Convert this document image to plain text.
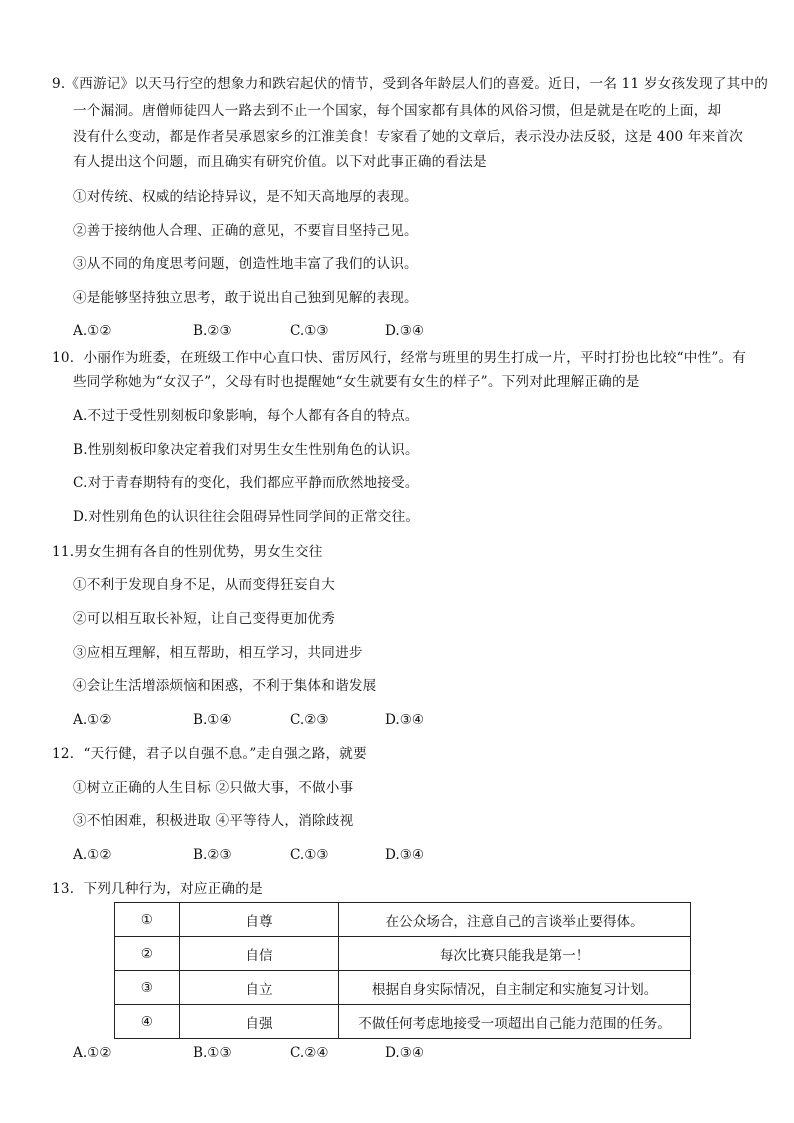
9.《西游记》以天马行空的想象力和跌宕起伏的情节，受到各年龄层人们的喜爱。近日，一名 11 岁女孩发现了其中的
一个漏洞。唐僧师徒四人一路去到不止一个国家，每个国家都有具体的风俗习惯，但是就是在吃的上面，却
没有什么变动，都是作者吴承恩家乡的江淮美食！专家看了她的文章后，表示没办法反驳，这是 400 年来首次
有人提出这个问题，而且确实有研究价值。以下对此事正确的看法是
①对传统、权威的结论持异议，是不知天高地厚的表现。
②善于接纳他人合理、正确的意见，不要盲目坚持己见。
③从不同的角度思考问题，创造性地丰富了我们的认识。
④是能够坚持独立思考，敢于说出自己独到见解的表现。
A.①②	B.②③	C.①③	D.③④
10．小丽作为班委，在班级工作中心直口快、雷厉风行，经常与班里的男生打成一片，平时打扮也比较“中性”。有
些同学称她为“女汉子”，父母有时也提醒她“女生就要有女生的样子”。下列对此理解正确的是
A.不过于受性别刻板印象影响，每个人都有各自的特点。
B.性别刻板印象决定着我们对男生女生性别角色的认识。
C.对于青春期特有的变化，我们都应平静而欣然地接受。
D.对性别角色的认识往往会阻碍异性同学间的正常交往。
11.男女生拥有各自的性别优势，男女生交往
①不利于发现自身不足，从而变得狂妄自大
②可以相互取长补短，让自己变得更加优秀
③应相互理解，相互帮助，相互学习，共同进步
④会让生活增添烦恼和困惑，不利于集体和谐发展
A.①②	B.①④	C.②③	D.③④
12．“天行健，君子以自强不息。”走自强之路，就要
①树立正确的人生目标 ②只做大事，不做小事
③不怕困难，积极进取 ④平等待人，消除歧视
A.①②	B.②③	C.①③	D.③④
13．下列几种行为，对应正确的是
①	自尊	在公众场合，注意自己的言谈举止要得体。
②	自信	每次比赛只能我是第一！
③	自立	根据自身实际情况，自主制定和实施复习计划。
④	自强	不做任何考虑地接受一项超出自己能力范围的任务。
A.①②	B.①③	C.②④	D.③④
